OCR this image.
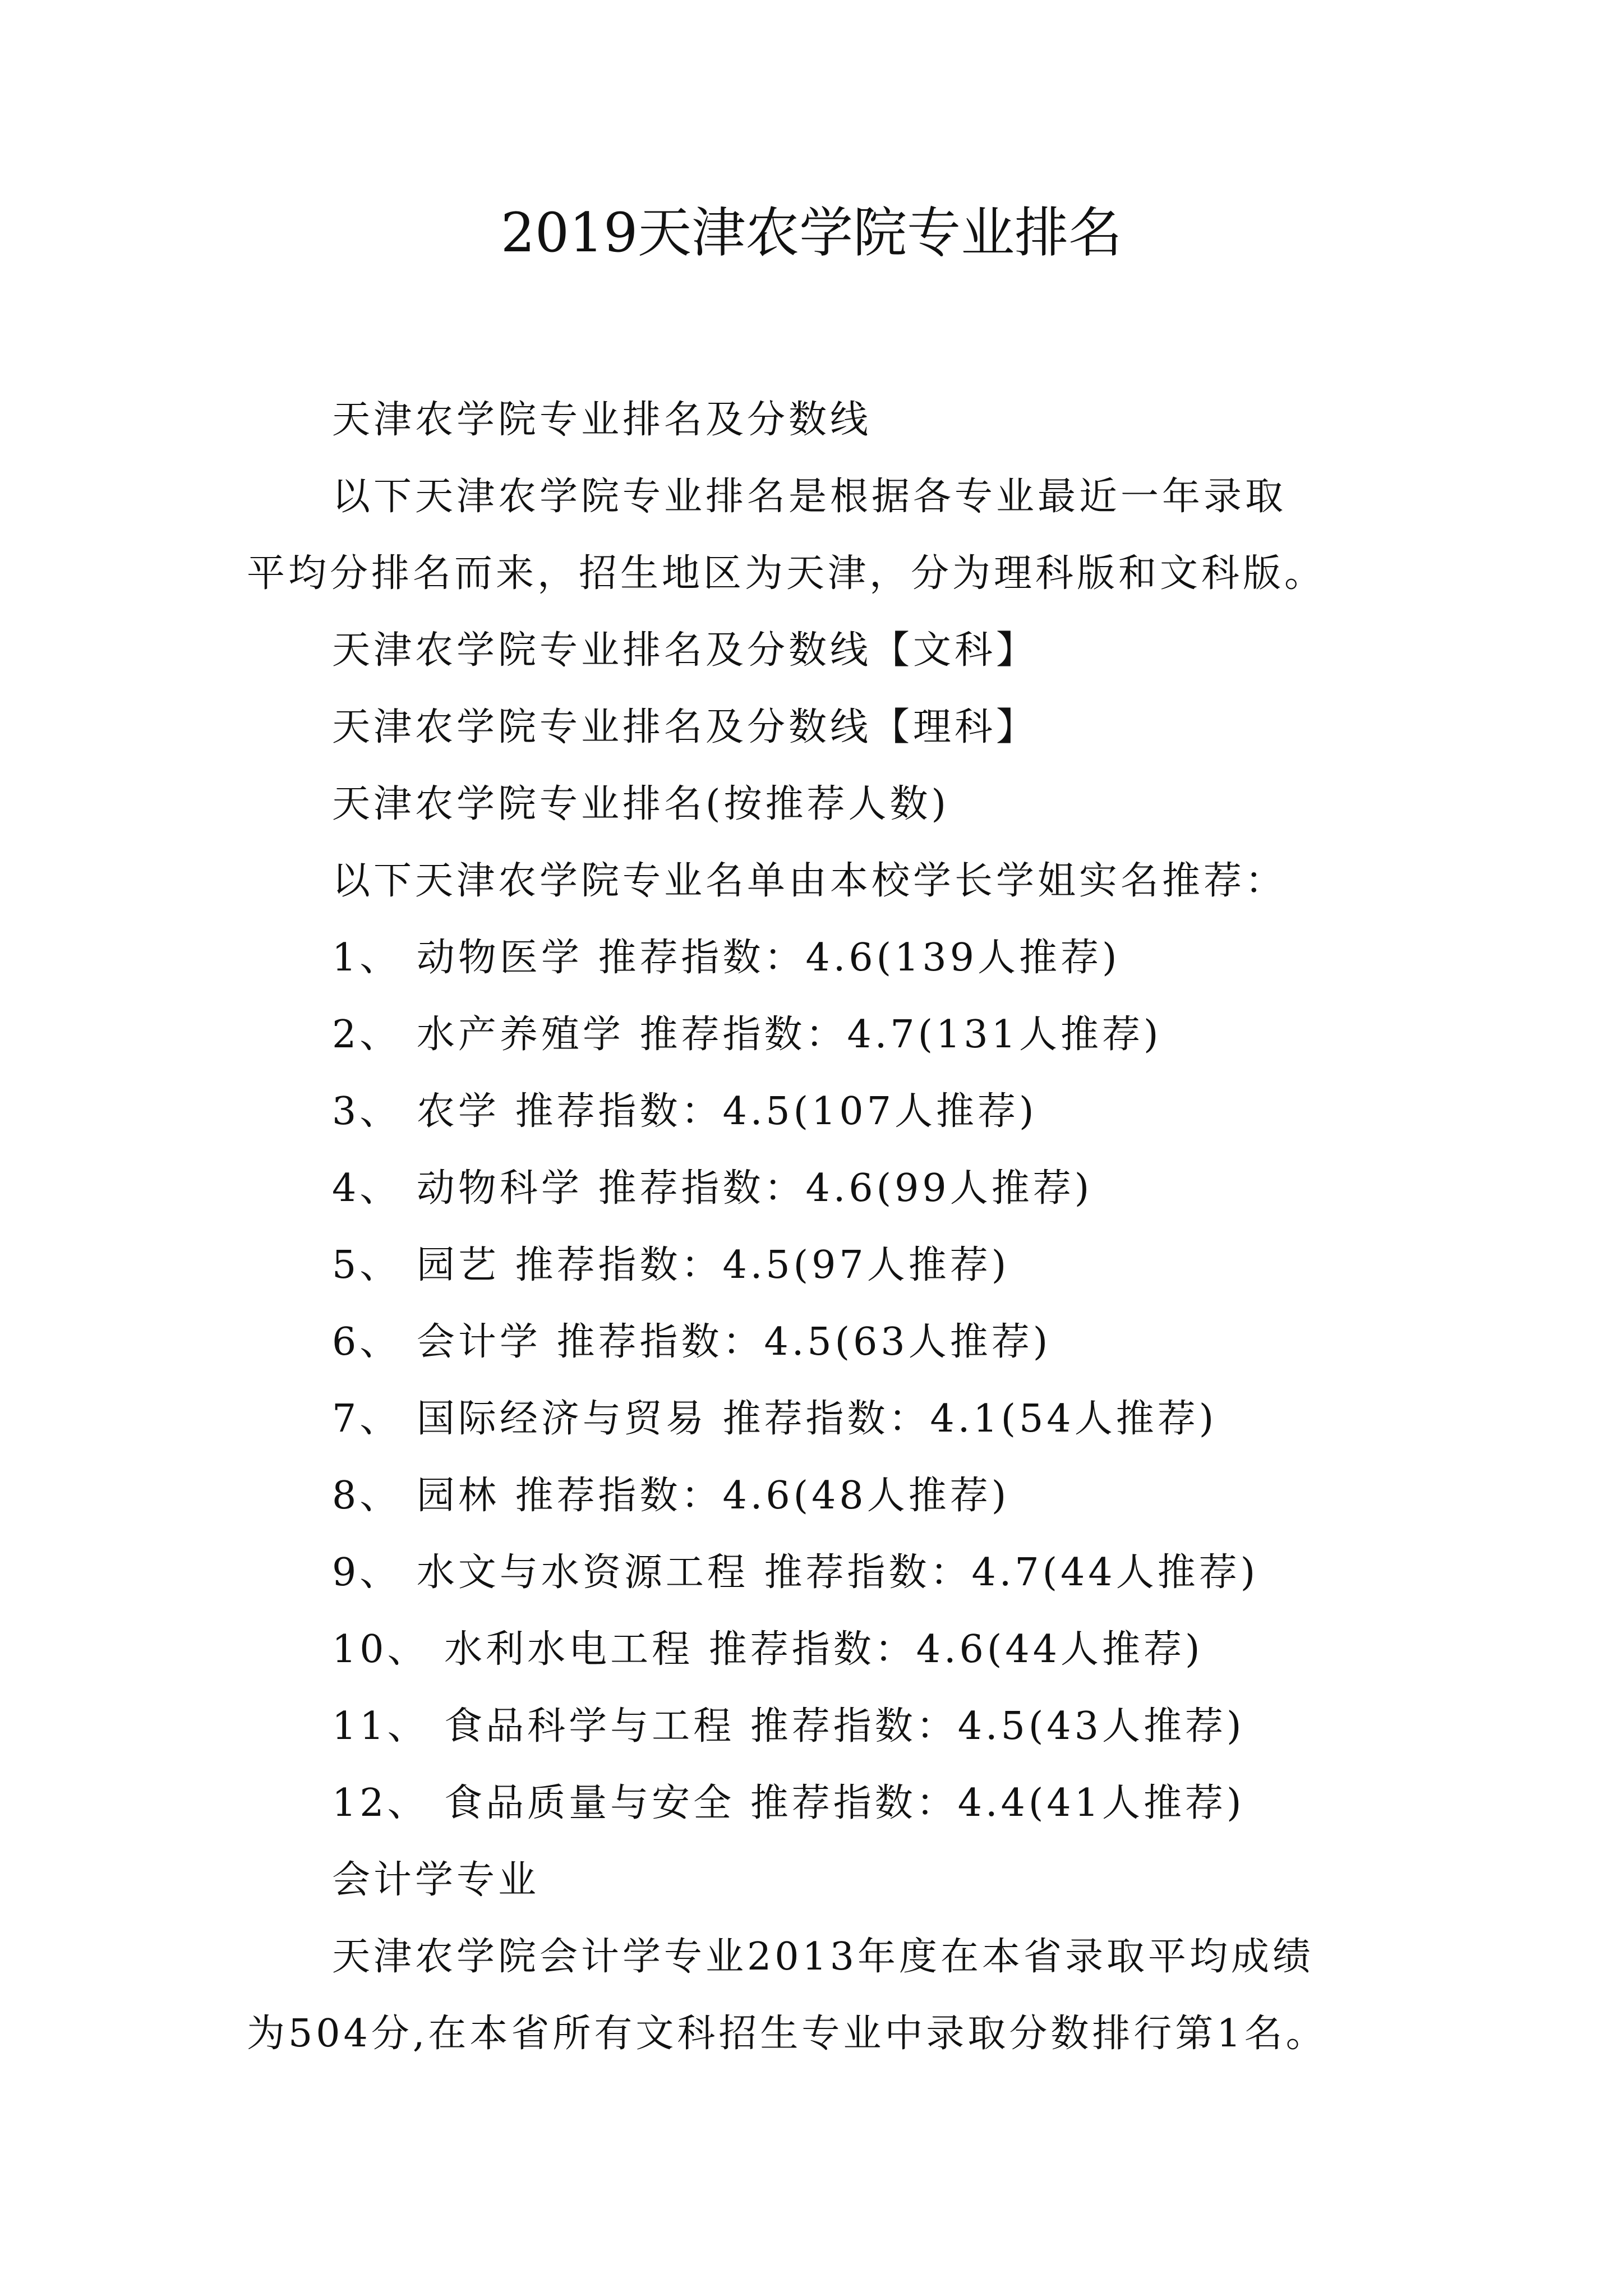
2019天津农学院专业排名
天津农学院专业排名及分数线
以下天津农学院专业排名是根据各专业最近一年录取
平均分排名而来，招生地区为天津，分为理科版和文科版。
天津农学院专业排名及分数线【文科】
天津农学院专业排名及分数线【理科】
天津农学院专业排名(按推荐人数)
以下天津农学院专业名单由本校学长学姐实名推荐：
1、 动物医学 推荐指数：4.6(139人推荐)
2、 水产养殖学 推荐指数：4.7(131人推荐)
3、 农学 推荐指数：4.5(107人推荐)
4、 动物科学 推荐指数：4.6(99人推荐)
5、 园艺 推荐指数：4.5(97人推荐)
6、 会计学 推荐指数：4.5(63人推荐)
7、 国际经济与贸易 推荐指数：4.1(54人推荐)
8、 园林 推荐指数：4.6(48人推荐)
9、 水文与水资源工程 推荐指数：4.7(44人推荐)
10、 水利水电工程 推荐指数：4.6(44人推荐)
11、 食品科学与工程 推荐指数：4.5(43人推荐)
12、 食品质量与安全 推荐指数：4.4(41人推荐)
会计学专业
天津农学院会计学专业2013年度在本省录取平均成绩
为504分,在本省所有文科招生专业中录取分数排行第1名。
